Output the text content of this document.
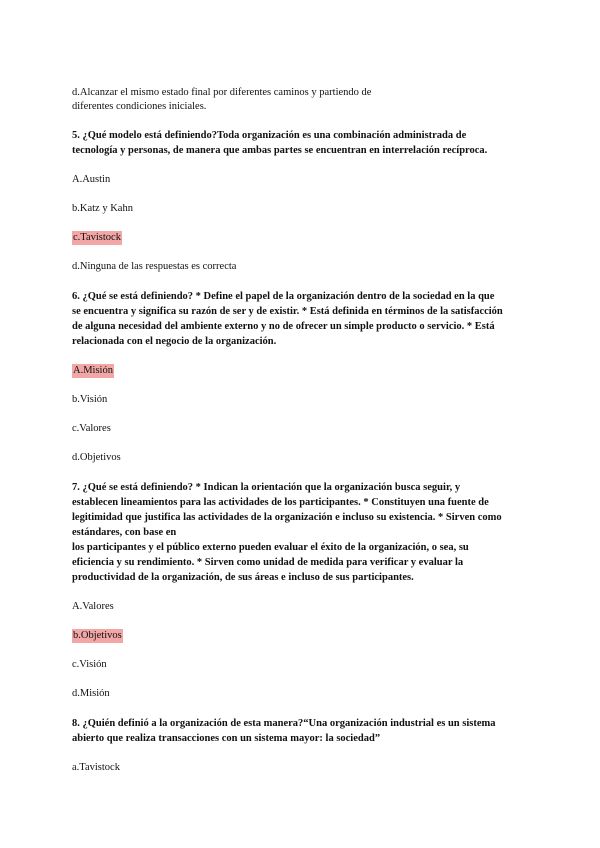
d.Alcanzar el mismo estado final por diferentes caminos y partiendo de
diferentes condiciones iniciales.
5. ¿Qué modelo está definiendo?Toda organización es una combinación administrada de
tecnología y personas, de manera que ambas partes se encuentran en interrelación recíproca.
A.Austin
b.Katz y Kahn
c.Tavistock
d.Ninguna de las respuestas es correcta
6. ¿Qué se está definiendo? * Define el papel de la organización dentro de la sociedad en la que
se encuentra y significa su razón de ser y de existir. * Está definida en términos de la satisfacción
de alguna necesidad del ambiente externo y no de ofrecer un simple producto o servicio. * Está
relacionada con el negocio de la organización.
A.Misión
b.Visión
c.Valores
d.Objetivos
7. ¿Qué se está definiendo? * Indican la orientación que la organización busca seguir, y
establecen lineamientos para las actividades de los participantes. * Constituyen una fuente de
legitimidad que justifica las actividades de la organización e incluso su existencia. * Sirven como
estándares, con base en
los participantes y el público externo pueden evaluar el éxito de la organización, o sea, su
eficiencia y su rendimiento. * Sirven como unidad de medida para verificar y evaluar la
productividad de la organización, de sus áreas e incluso de sus participantes.
A.Valores
b.Objetivos
c.Visión
d.Misión
8. ¿Quién definió a la organización de esta manera?“Una organización industrial es un sistema
abierto que realiza transacciones con un sistema mayor: la sociedad”
a.Tavistock
